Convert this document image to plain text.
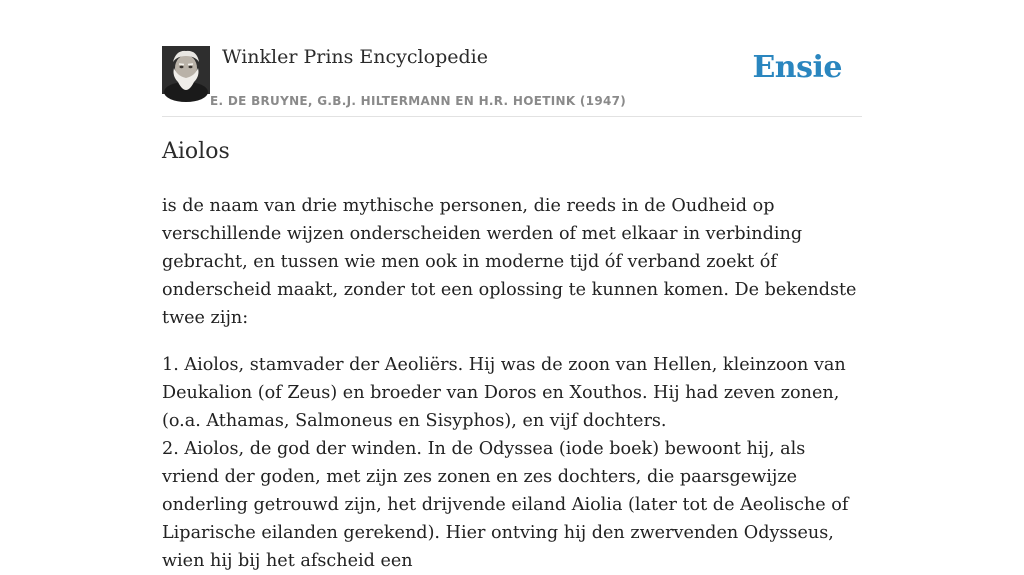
Winkler Prins Encyclopedie
E. DE BRUYNE, G.B.J. HILTERMANN EN H.R. HOETINK (1947)
Ensie
Aiolos

is de naam van drie mythische personen, die reeds in de Oudheid op verschillende wijzen onderscheiden werden of met elkaar in verbinding gebracht, en tussen wie men ook in moderne tijd óf verband zoekt óf onderscheid maakt, zonder tot een oplossing te kunnen komen. De bekendste twee zijn:

1. Aiolos, stamvader der Aeoliërs. Hij was de zoon van Hellen, kleinzoon van Deukalion (of Zeus) en broeder van Doros en Xouthos. Hij had zeven zonen, (o.a. Athamas, Salmoneus en Sisyphos), en vijf dochters.
2. Aiolos, de god der winden. In de Odyssea (iode boek) bewoont hij, als vriend der goden, met zijn zes zonen en zes dochters, die paarsgewijze onderling getrouwd zijn, het drijvende eiland Aiolia (later tot de Aeolische of Liparische eilanden gerekend). Hier ontving hij den zwervenden Odysseus, wien hij bij het afscheid een
